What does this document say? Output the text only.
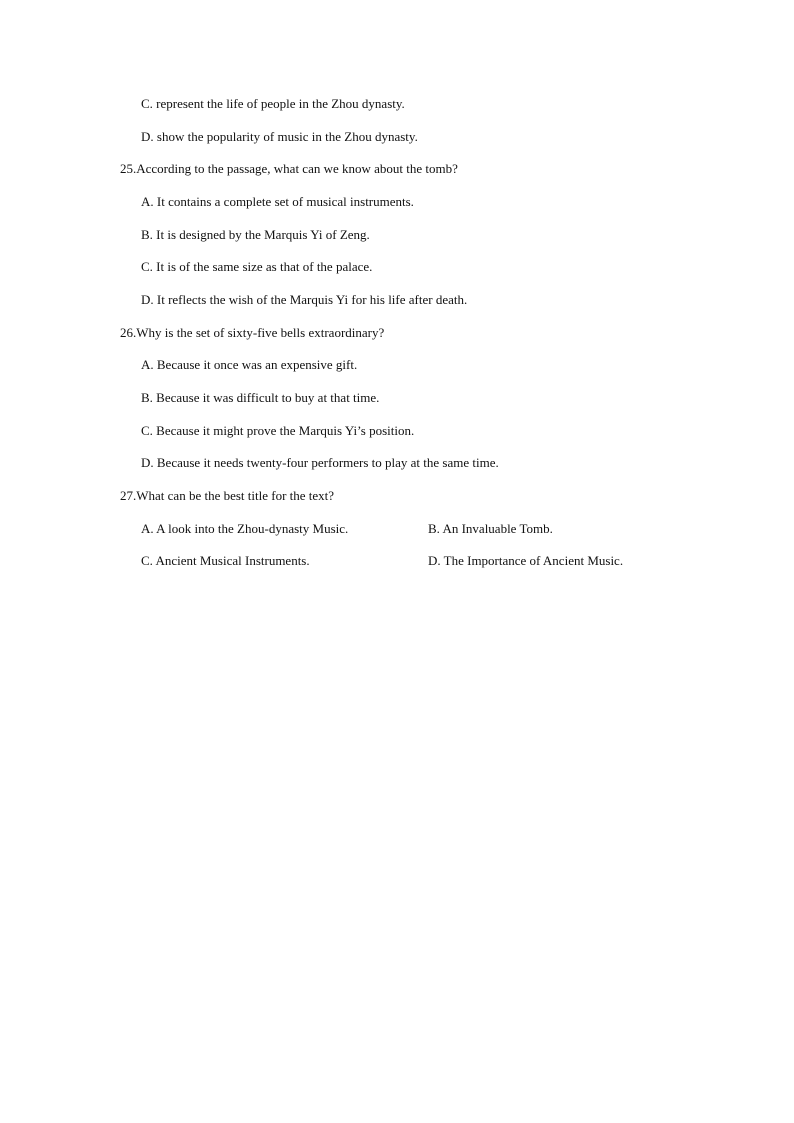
C. represent the life of people in the Zhou dynasty.
D. show the popularity of music in the Zhou dynasty.
25.According to the passage, what can we know about the tomb?
A. It contains a complete set of musical instruments.
B. It is designed by the Marquis Yi of Zeng.
C. It is of the same size as that of the palace.
D. It reflects the wish of the Marquis Yi for his life after death.
26.Why is the set of sixty-five bells extraordinary?
A. Because it once was an expensive gift.
B. Because it was difficult to buy at that time.
C. Because it might prove the Marquis Yi’s position.
D. Because it needs twenty-four performers to play at the same time.
27.What can be the best title for the text?
A. A look into the Zhou-dynasty Music.	B. An Invaluable Tomb.
C. Ancient Musical Instruments.	D. The Importance of Ancient Music.
